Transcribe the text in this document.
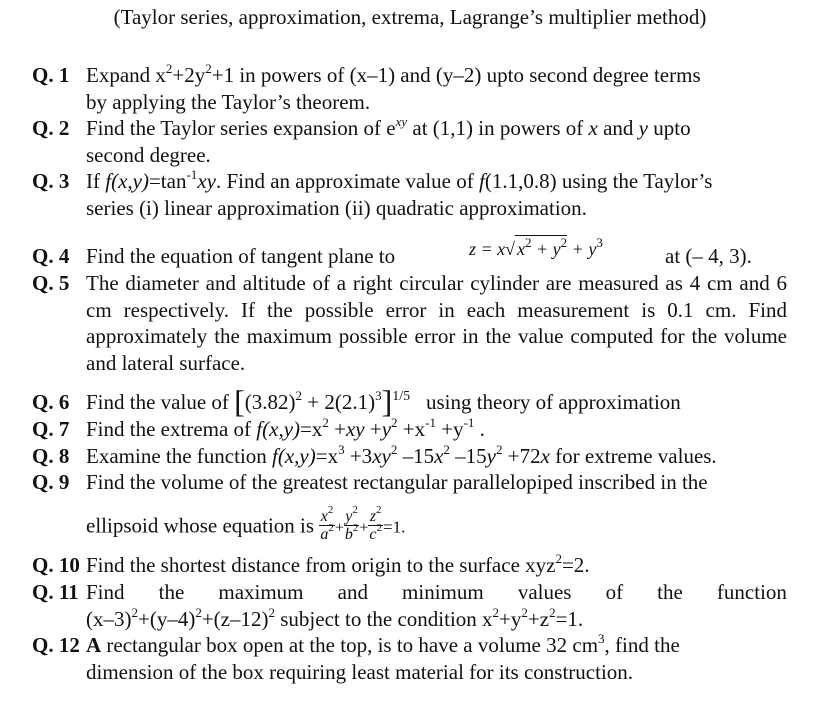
(Taylor series, approximation, extrema, Lagrange’s multiplier method)
Q. 1 Expand $x^2+2y^2+1$ in powers of (x–1) and (y–2) upto second degree terms
by applying the Taylor’s theorem.
Q. 2 Find the Taylor series expansion of $e^{xy}$ at (1,1) in powers of x and y upto
second degree.
Q. 3 If $f(x,y)=\tan^{-1}xy$. Find an approximate value of f(1.1,0.8) using the Taylor’s
series (i) linear approximation (ii) quadratic approximation.
Q. 4 Find the equation of tangent plane to	z = x√ $x^2 + y^2 + y^3$
at (– 4, 3).
Q. 5 The diameter and altitude of a right circular cylinder are measured as 4 cm and 6 cm respectively. If the possible error in each measurement is 0.1 cm. Find approximately the maximum possible error in the value computed for the volume and lateral surface.
Q. 6 Find the value of $[(3.82)^2 + 2(2.1)^3]^{1/5}$ using theory of approximation
Q. 7 Find the extrema of $f(x,y)=x^2 +xy +y^2 +x^{-1} +y^{-1}$ .
Q. 8 Examine the function $f(x,y)=x^3 +3xy^2$ $-15x^2$ $-15y^2 +72x$ for extreme values.
Q. 9 Find the volume of the greatest rectangular parallelopiped inscribed in the
ellipsoid whose equation is $\frac{x^2}{a^2} + \frac{y^2}{b^2} + \frac{z^2}{c^2} =1$.
Q. 10 Find the shortest distance from origin to the surface xyz$^2$=2.
Q. 11 Find the maximum and minimum values of the function
$(x-3)^2+(y-4)^2+(z-12)^2$ subject to the condition $x^2+y^2+z^2=1$.
Q. 12 A rectangular box open at the top, is to have a volume 32 $cm^3$, find the
dimension of the box requiring least material for its construction.
